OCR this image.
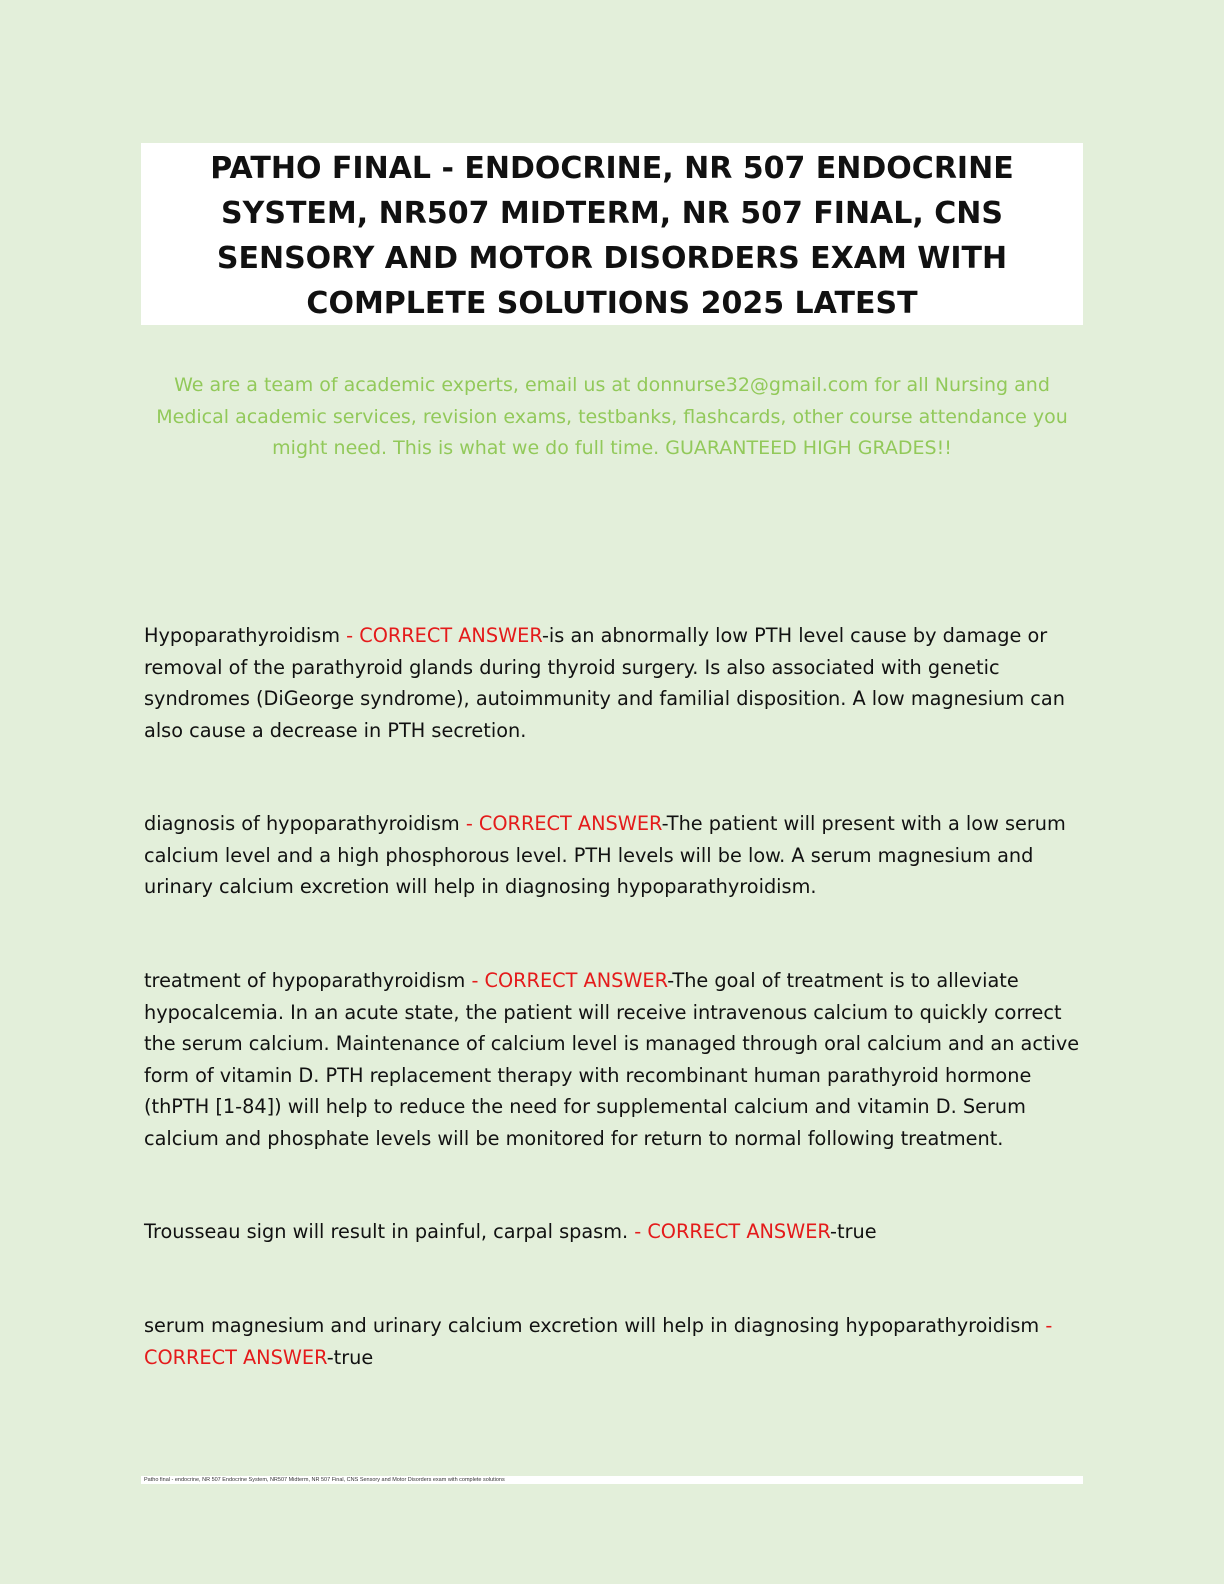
PATHO FINAL - ENDOCRINE, NR 507 ENDOCRINE SYSTEM, NR507 MIDTERM, NR 507 FINAL, CNS SENSORY AND MOTOR DISORDERS EXAM WITH COMPLETE SOLUTIONS 2025 LATEST

We are a team of academic experts, email us at donnurse32@gmail.com for all Nursing and Medical academic services, revision exams, testbanks, flashcards, other course attendance you might need. This is what we do full time. GUARANTEED HIGH GRADES!!

Hypoparathyroidism - CORRECT ANSWER-is an abnormally low PTH level cause by damage or removal of the parathyroid glands during thyroid surgery. Is also associated with genetic syndromes (DiGeorge syndrome), autoimmunity and familial disposition. A low magnesium can also cause a decrease in PTH secretion.

diagnosis of hypoparathyroidism - CORRECT ANSWER-The patient will present with a low serum calcium level and a high phosphorous level. PTH levels will be low. A serum magnesium and urinary calcium excretion will help in diagnosing hypoparathyroidism.

treatment of hypoparathyroidism - CORRECT ANSWER-The goal of treatment is to alleviate hypocalcemia. In an acute state, the patient will receive intravenous calcium to quickly correct the serum calcium. Maintenance of calcium level is managed through oral calcium and an active form of vitamin D. PTH replacement therapy with recombinant human parathyroid hormone (thPTH [1-84]) will help to reduce the need for supplemental calcium and vitamin D. Serum calcium and phosphate levels will be monitored for return to normal following treatment.

Trousseau sign will result in painful, carpal spasm. - CORRECT ANSWER-true

serum magnesium and urinary calcium excretion will help in diagnosing hypoparathyroidism - CORRECT ANSWER-true

Patho final - endocrine, NR 507 Endocrine System, NR507 Midterm, NR 507 Final, CNS Sensory and Motor Disorders exam with complete solutions
